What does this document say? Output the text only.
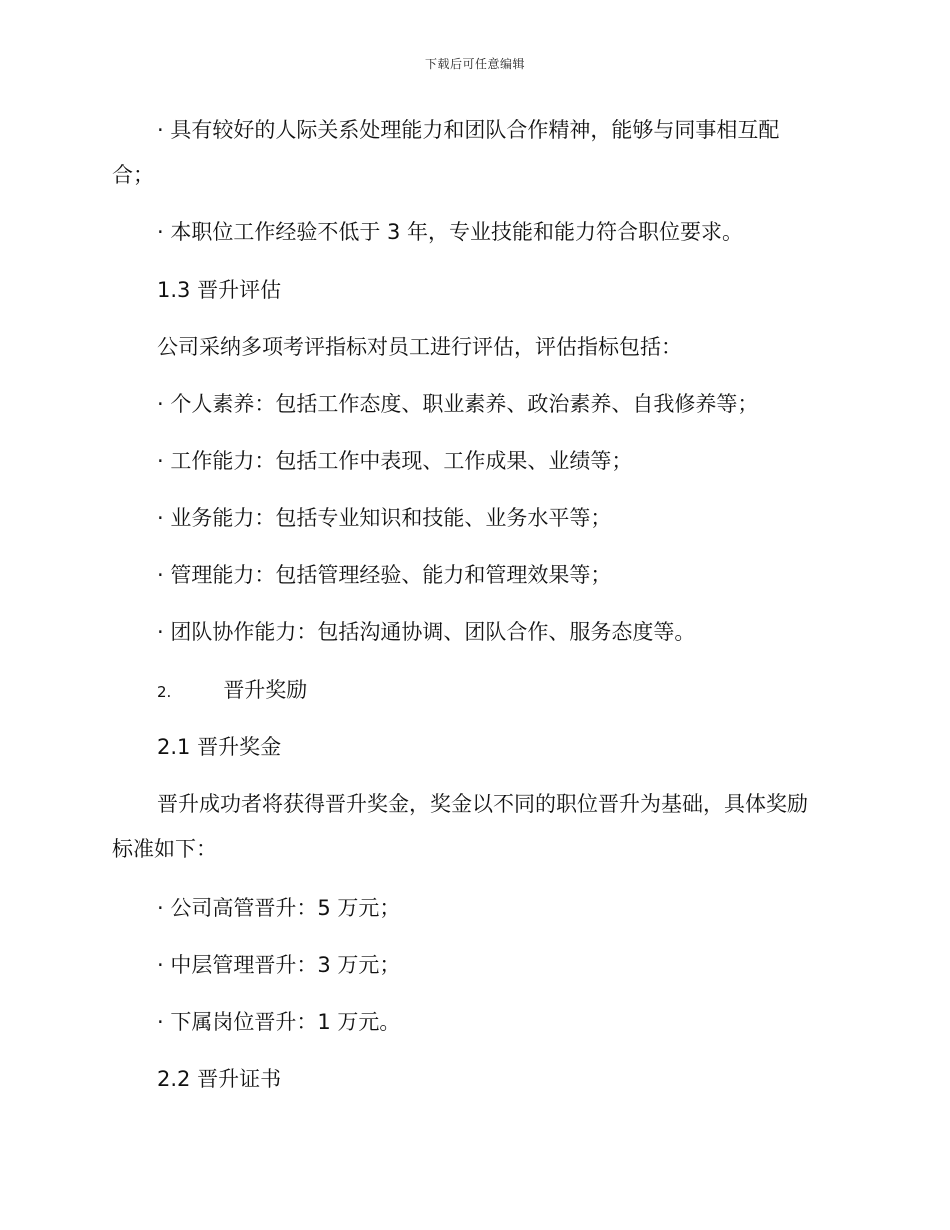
下载后可任意编辑
· 具有较好的人际关系处理能力和团队合作精神，能够与同事相互配
合；
· 本职位工作经验不低于 3 年，专业技能和能力符合职位要求。
1.3 晋升评估
公司采纳多项考评指标对员工进行评估，评估指标包括：
· 个人素养：包括工作态度、职业素养、政治素养、自我修养等；
· 工作能力：包括工作中表现、工作成果、业绩等；
· 业务能力：包括专业知识和技能、业务水平等；
· 管理能力：包括管理经验、能力和管理效果等；
· 团队协作能力：包括沟通协调、团队合作、服务态度等。
2. 晋升奖励
2.1 晋升奖金
晋升成功者将获得晋升奖金，奖金以不同的职位晋升为基础，具体奖励
标准如下：
· 公司高管晋升：5 万元；
· 中层管理晋升：3 万元；
· 下属岗位晋升：1 万元。
2.2 晋升证书
